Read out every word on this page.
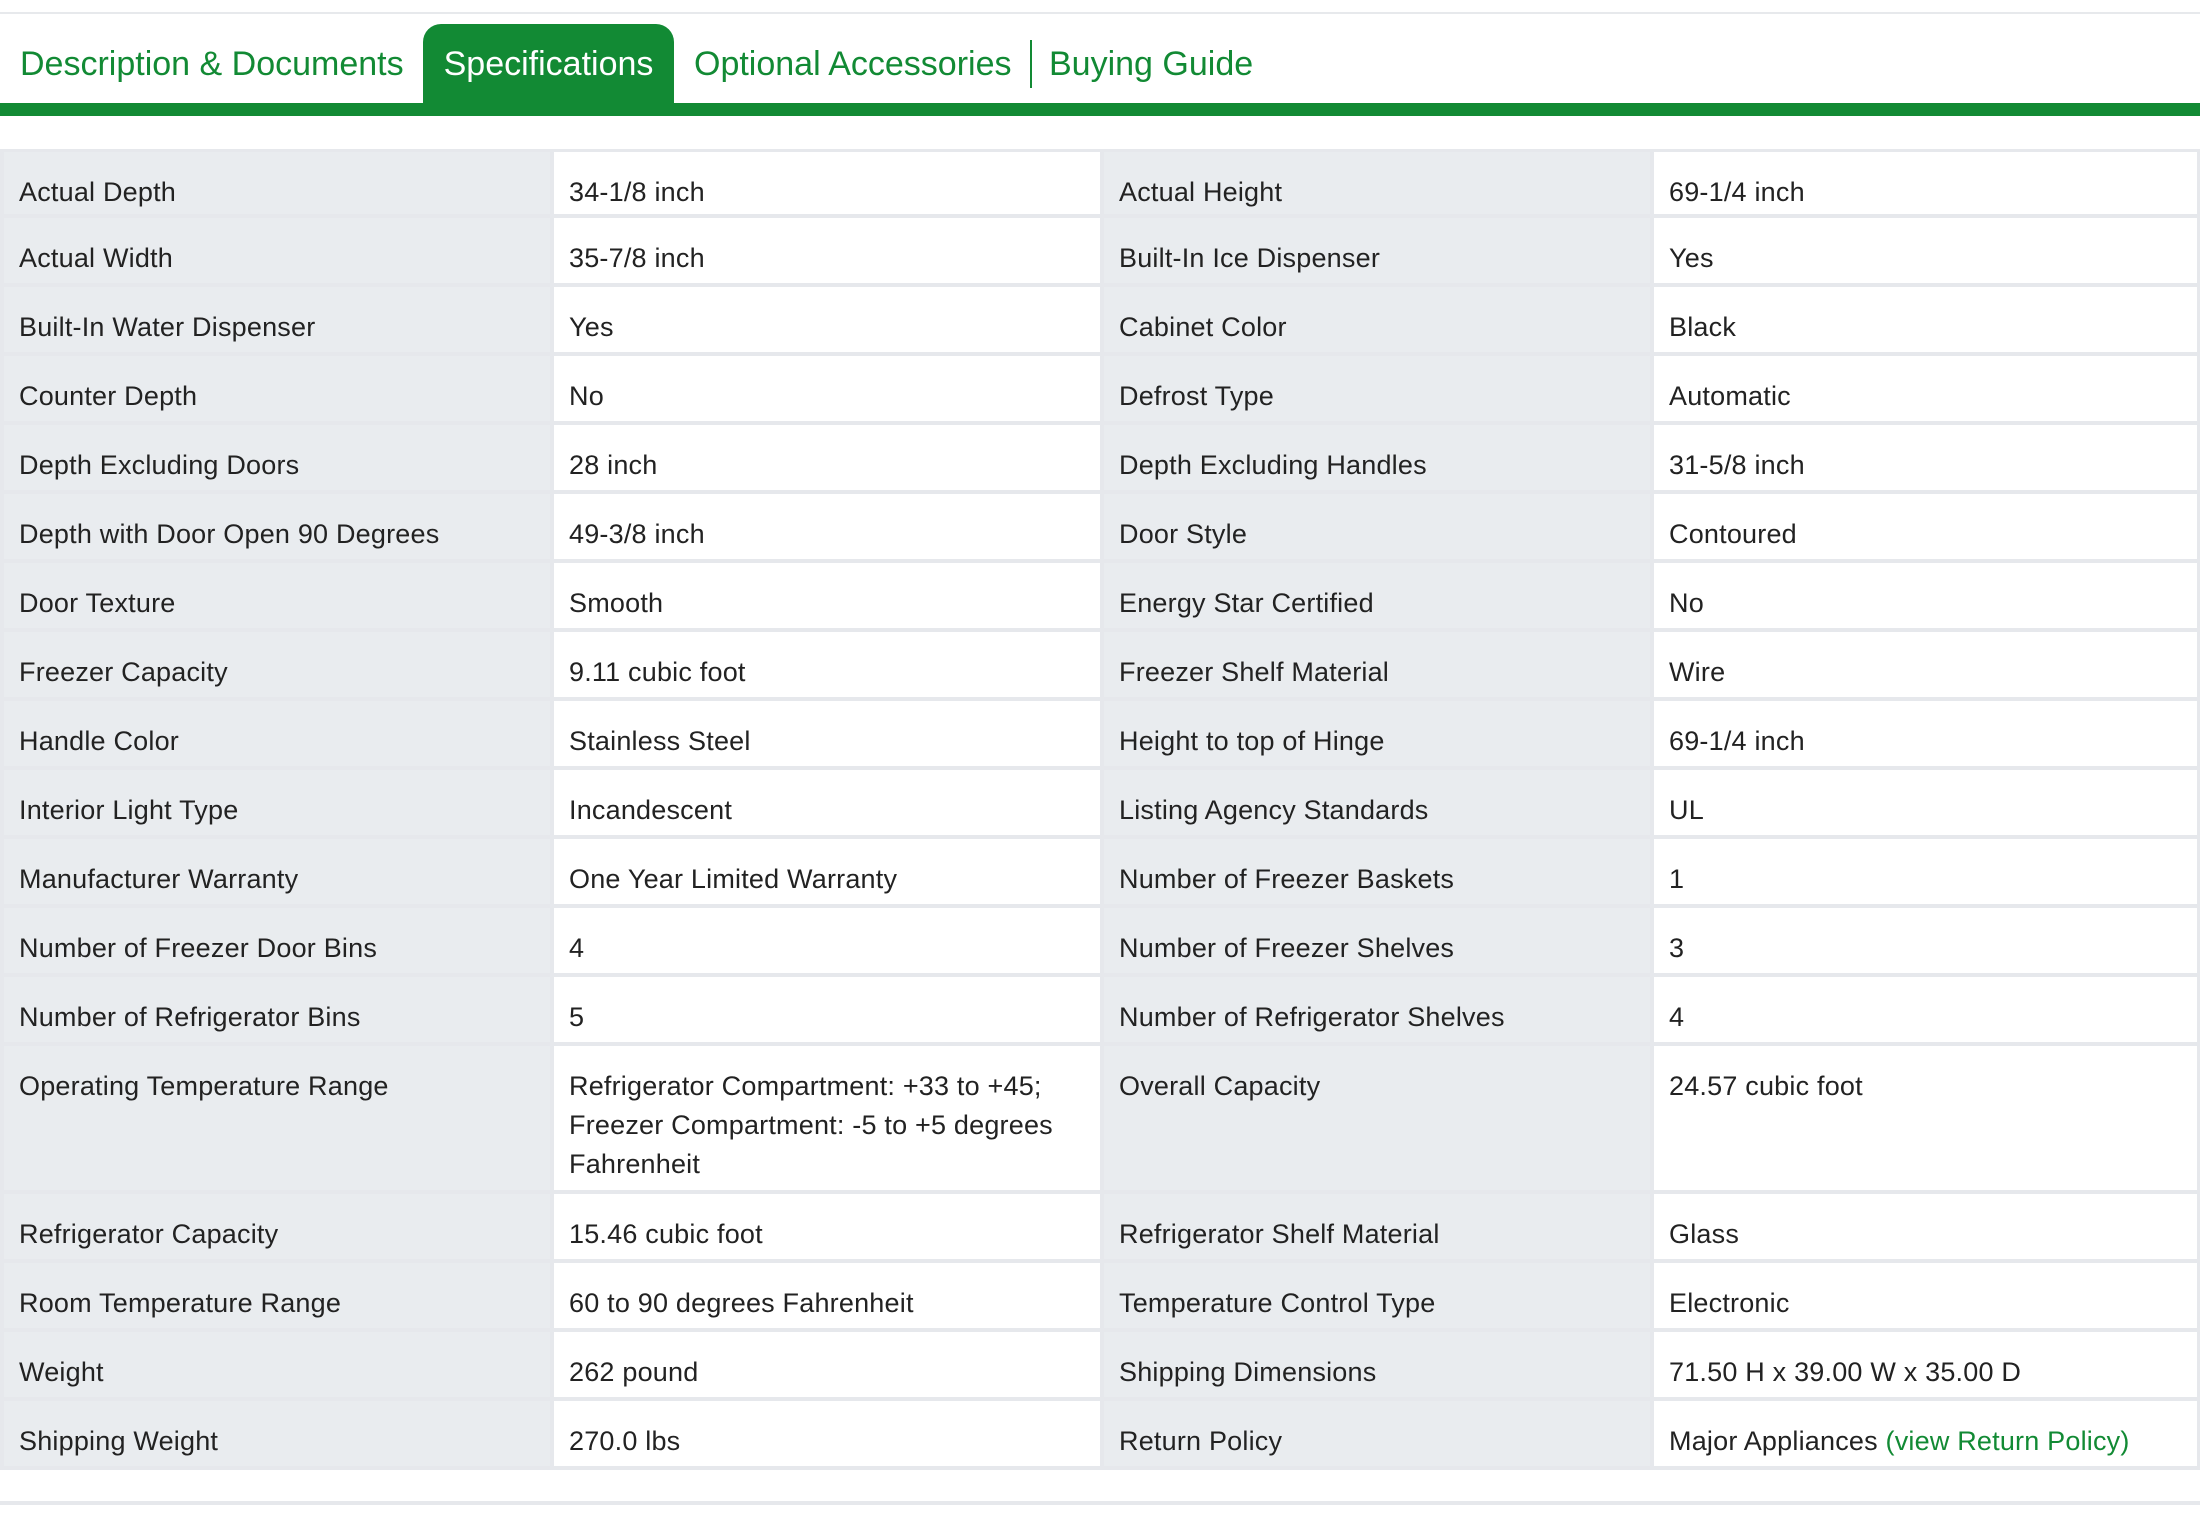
Description & Documents	Specifications	Optional Accessories Buying Guide
Actual Depth	34-1/8 inch	Actual Height	69-1/4 inch
Actual Width	35-7/8 inch	Built-In Ice Dispenser	Yes
Built-In Water Dispenser	Yes	Cabinet Color	Black
Counter Depth	No	Defrost Type	Automatic
Depth Excluding Doors	28 inch	Depth Excluding Handles	31-5/8 inch
Depth with Door Open 90 Degrees	49-3/8 inch	Door Style	Contoured
Door Texture	Smooth	Energy Star Certified	No
Freezer Capacity	9.11 cubic foot	Freezer Shelf Material	Wire
Handle Color	Stainless Steel	Height to top of Hinge	69-1/4 inch
Interior Light Type	Incandescent	Listing Agency Standards	UL
Manufacturer Warranty	One Year Limited Warranty	Number of Freezer Baskets	1
Number of Freezer Door Bins	4	Number of Freezer Shelves	3
Number of Refrigerator Bins	5	Number of Refrigerator Shelves	4
Operating Temperature Range	Refrigerator Compartment: +33 to +45; Freezer Compartment: -5 to +5 degrees Fahrenheit	Overall Capacity	24.57 cubic foot
Refrigerator Capacity	15.46 cubic foot	Refrigerator Shelf Material	Glass
Room Temperature Range	60 to 90 degrees Fahrenheit	Temperature Control Type	Electronic
Weight	262 pound	Shipping Dimensions	71.50 H x 39.00 W x 35.00 D
Shipping Weight	270.0 lbs	Return Policy	Major Appliances (view Return Policy)
